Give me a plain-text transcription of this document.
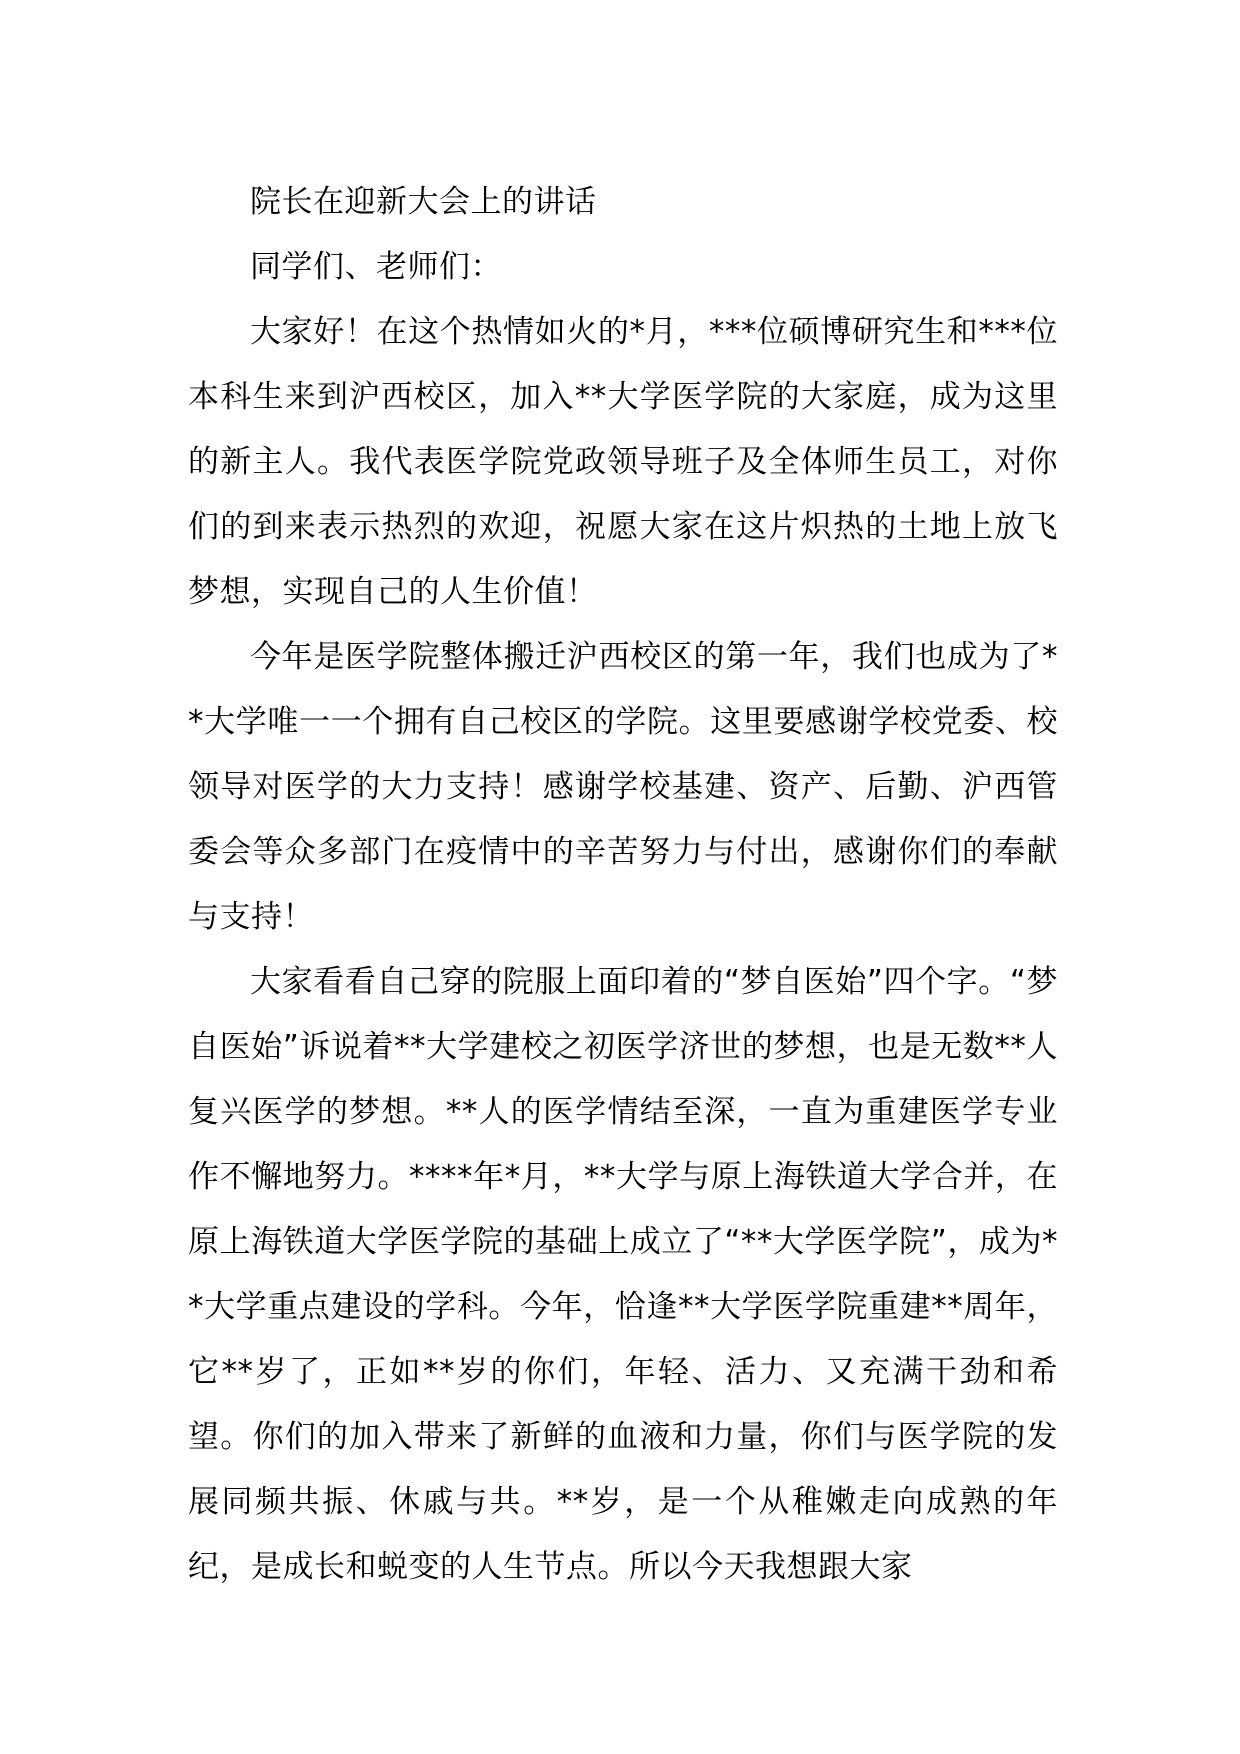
院长在迎新大会上的讲话

同学们、老师们：

大家好！在这个热情如火的*月，***位硕博研究生和***位本科生来到沪西校区，加入**大学医学院的大家庭，成为这里的新主人。我代表医学院党政领导班子及全体师生员工，对你们的到来表示热烈的欢迎，祝愿大家在这片炽热的土地上放飞梦想，实现自己的人生价值！

今年是医学院整体搬迁沪西校区的第一年，我们也成为了**大学唯一一个拥有自己校区的学院。这里要感谢学校党委、校领导对医学的大力支持！感谢学校基建、资产、后勤、沪西管委会等众多部门在疫情中的辛苦努力与付出，感谢你们的奉献与支持！

大家看看自己穿的院服上面印着的“梦自医始”四个字。“梦自医始”诉说着**大学建校之初医学济世的梦想，也是无数**人复兴医学的梦想。**人的医学情结至深，一直为重建医学专业作不懈地努力。****年*月，**大学与原上海铁道大学合并，在原上海铁道大学医学院的基础上成立了“**大学医学院”，成为**大学重点建设的学科。今年，恰逢**大学医学院重建**周年，它**岁了，正如**岁的你们，年轻、活力、又充满干劲和希望。你们的加入带来了新鲜的血液和力量，你们与医学院的发展同频共振、休戚与共。**岁，是一个从稚嫩走向成熟的年纪，是成长和蜕变的人生节点。所以今天我想跟大家
